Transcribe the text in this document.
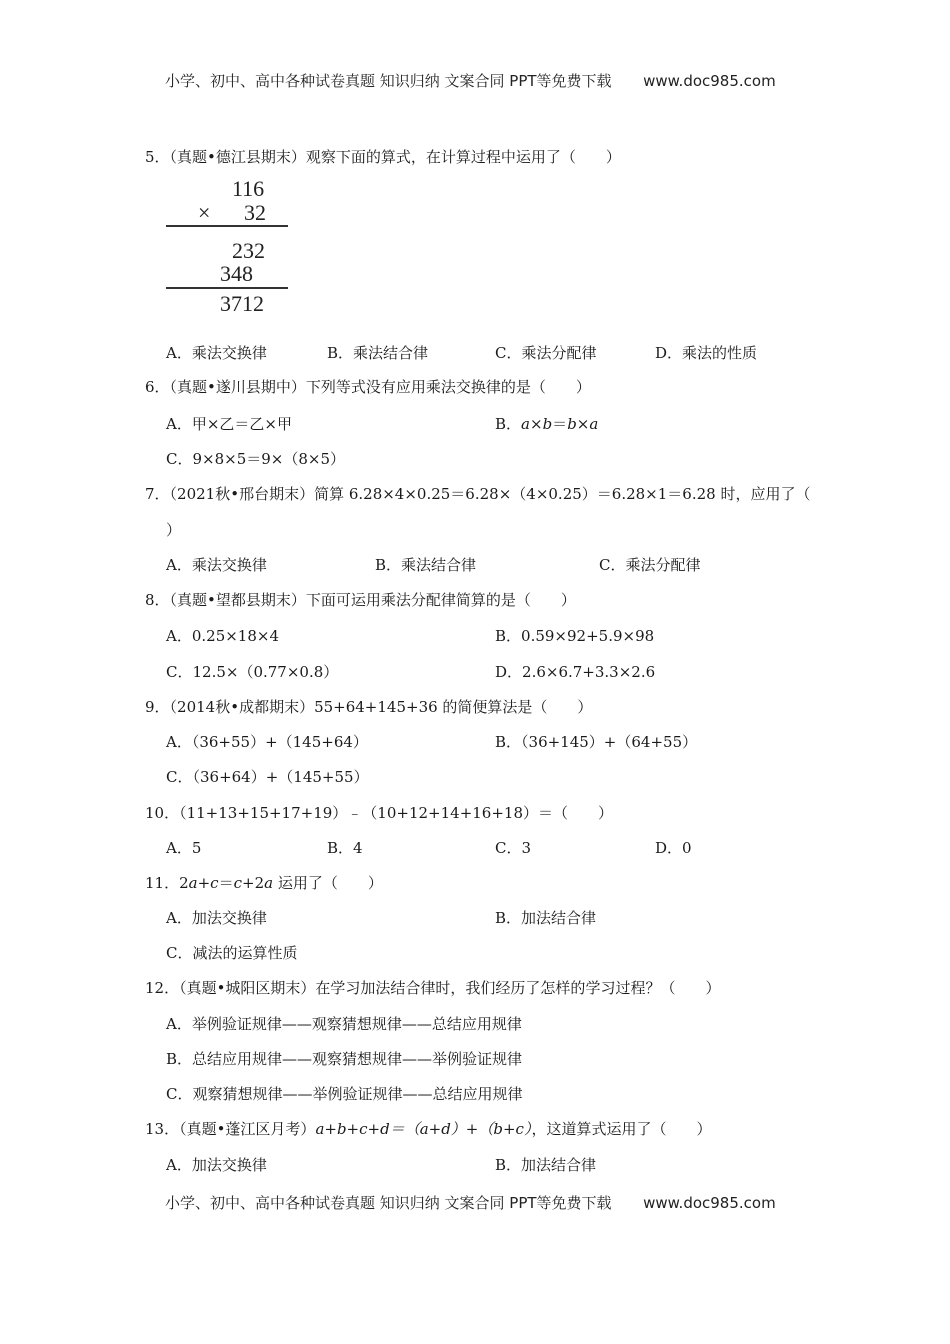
小学、初中、高中各种试卷真题 知识归纳 文案合同 PPT等免费下载 www.doc985.com
5．（真题•德江县期末）观察下面的算式，在计算过程中运用了（　　）
116
× 32
232
348
3712
A．乘法交换律	B．乘法结合律	C．乘法分配律	D．乘法的性质
6．（真题•遂川县期中）下列等式没有应用乘法交换律的是（　　）
A．甲×乙＝乙×甲	B．a×b＝b×a
C．9×8×5＝9×（8×5）
7．（2021秋•邢台期末）简算 6.28×4×0.25＝6.28×（4×0.25）＝6.28×1＝6.28 时，应用了（
）
A．乘法交换律	B．乘法结合律	C．乘法分配律
8．（真题•望都县期末）下面可运用乘法分配律简算的是（　　）
A．0.25×18×4	B．0.59×92+5.9×98
C．12.5×（0.77×0.8）	D．2.6×6.7+3.3×2.6
9．（2014秋•成都期末）55+64+145+36 的简便算法是（　　）
A．（36+55）+（145+64）	B．（36+145）+（64+55）
C．（36+64）+（145+55）
10．（11+13+15+17+19）﹣（10+12+14+16+18）＝（　　）
A．5	B．4	C．3	D．0
11．2a+c＝c+2a 运用了（　　）
A．加法交换律	B．加法结合律
C．减法的运算性质
12．（真题•城阳区期末）在学习加法结合律时，我们经历了怎样的学习过程？（　　）
A．举例验证规律——观察猜想规律——总结应用规律
B．总结应用规律——观察猜想规律——举例验证规律
C．观察猜想规律——举例验证规律——总结应用规律
13．（真题•蓬江区月考）a+b+c+d＝（a+d）+（b+c），这道算式运用了（　　）
A．加法交换律	B．加法结合律
小学、初中、高中各种试卷真题 知识归纳 文案合同 PPT等免费下载 www.doc985.com
